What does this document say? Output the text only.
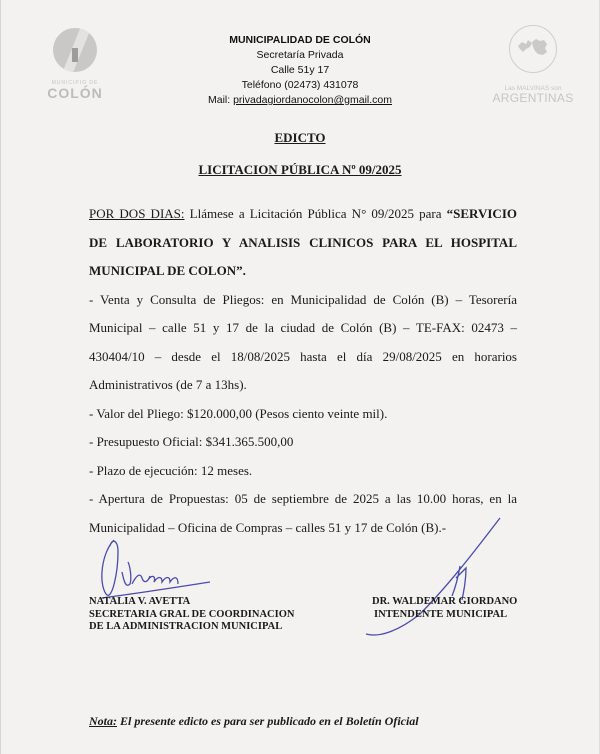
MUNICIPIO DE
COLÓN
MUNICIPALIDAD DE COLÓN
Secretaría Privada
Calle 51y 17
Teléfono (02473) 431078
Mail: privadagiordanocolon@gmail.com
Las MALVINAS son
ARGENTINAS
EDICTO
LICITACION PÚBLICA Nº 09/2025

POR DOS DIAS: Llámese a Licitación Pública N° 09/2025 para “SERVICIO DE LABORATORIO Y ANALISIS CLINICOS PARA EL HOSPITAL MUNICIPAL DE COLON”.

- Venta y Consulta de Pliegos: en Municipalidad de Colón (B) – Tesorería Municipal – calle 51 y 17 de la ciudad de Colón (B) – TE-FAX: 02473 – 430404/10 – desde el 18/08/2025 hasta el día 29/08/2025 en horarios Administrativos (de 7 a 13hs).

- Valor del Pliego: $120.000,00 (Pesos ciento veinte mil).

- Presupuesto Oficial: $341.365.500,00

- Plazo de ejecución: 12 meses.

- Apertura de Propuestas: 05 de septiembre de 2025 a las 10.00 horas, en la Municipalidad – Oficina de Compras – calles 51 y 17 de Colón (B).-

NATALIA V. AVETTA
SECRETARIA GRAL DE COORDINACION
DE LA ADMINISTRACION MUNICIPAL
DR. WALDEMAR GIORDANO
INTENDENTE MUNICIPAL
Nota: El presente edicto es para ser publicado en el Boletín Oficial
